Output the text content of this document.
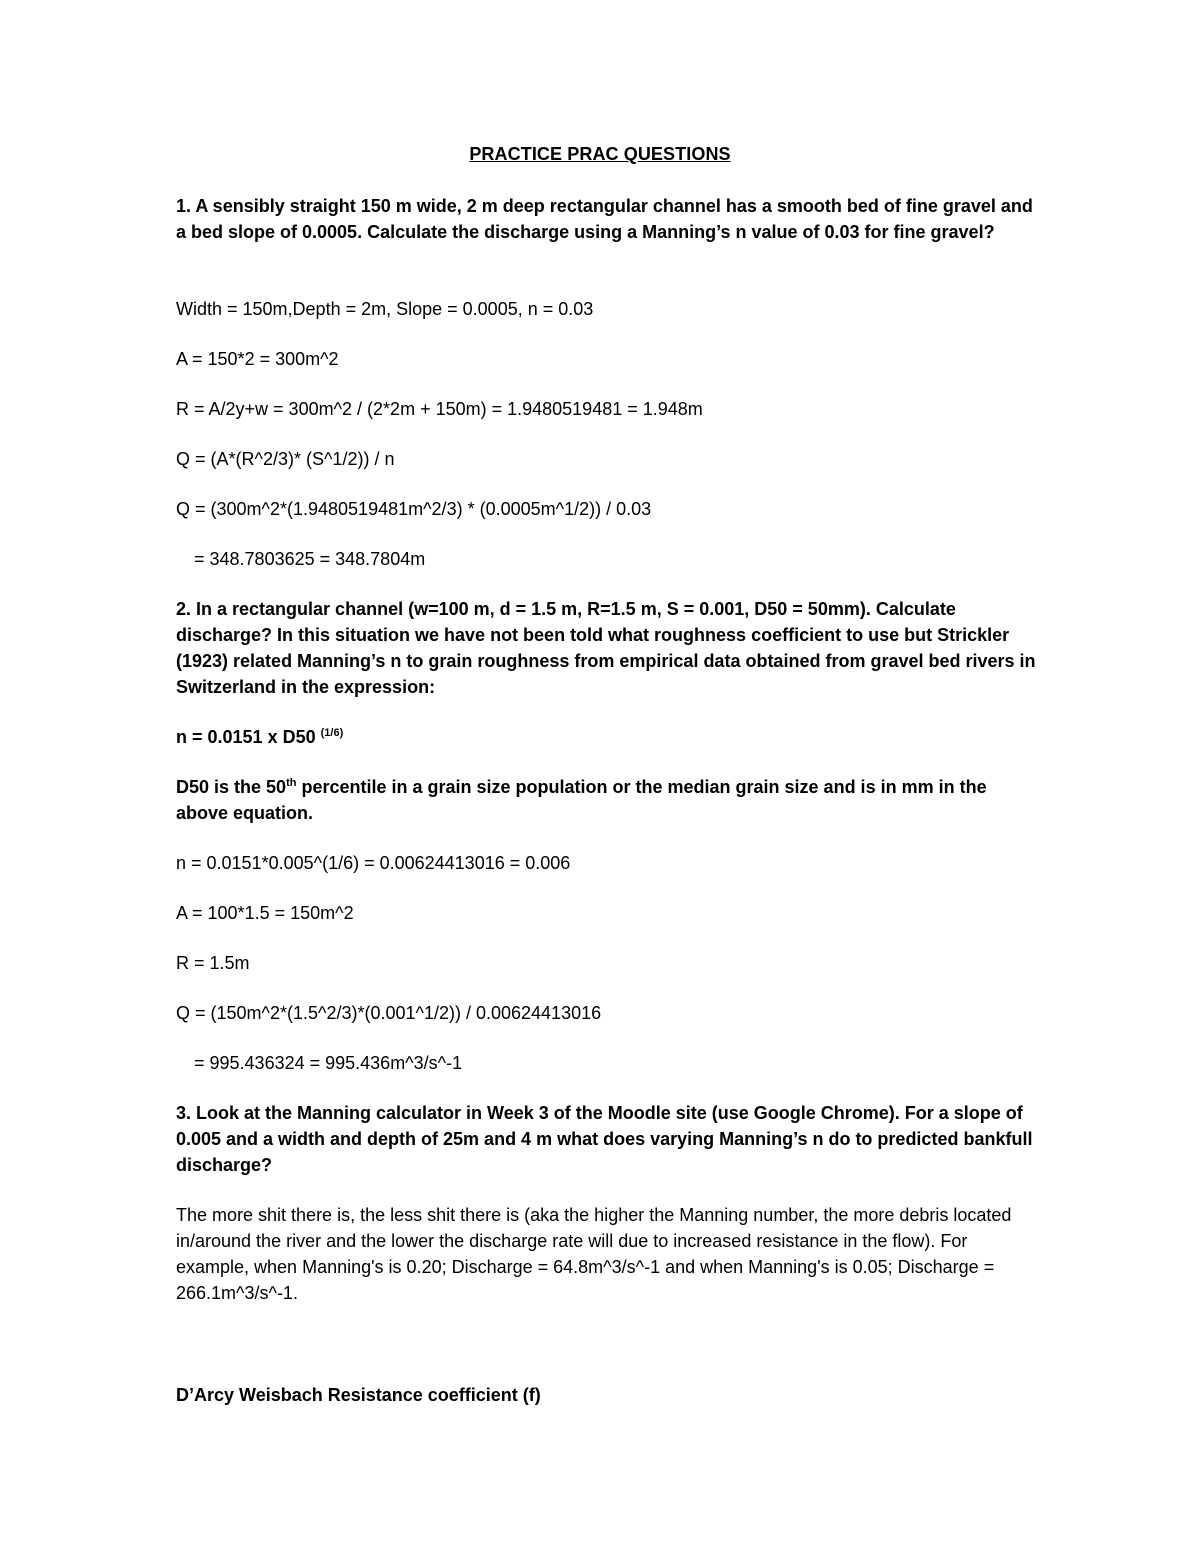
PRACTICE PRAC QUESTIONS
1. A sensibly straight 150 m wide, 2 m deep rectangular channel has a smooth bed of fine gravel and a bed slope of 0.0005. Calculate the discharge using a Manning’s n value of 0.03 for fine gravel?
Width = 150m,Depth = 2m, Slope = 0.0005, n = 0.03
A = 150*2 = 300m^2
R = A/2y+w = 300m^2 / (2*2m + 150m) = 1.9480519481 = 1.948m
Q = (A*(R^2/3)* (S^1/2)) / n
Q = (300m^2*(1.9480519481m^2/3) * (0.0005m^1/2)) / 0.03
= 348.7803625 = 348.7804m
2. In a rectangular channel (w=100 m, d = 1.5 m, R=1.5 m, S = 0.001, D50 = 50mm). Calculate discharge? In this situation we have not been told what roughness coefficient to use but Strickler (1923) related Manning’s n to grain roughness from empirical data obtained from gravel bed rivers in Switzerland in the expression:
n = 0.0151 x D50 $^{(1/6)}$
D50 is the 50th percentile in a grain size population or the median grain size and is in mm in the above equation.
n = 0.0151*0.005^(1/6) = 0.00624413016 = 0.006
A = 100*1.5 = 150m^2
R = 1.5m
Q = (150m^2*(1.5^2/3)*(0.001^1/2)) / 0.00624413016
= 995.436324 = 995.436m^3/s^-1
3. Look at the Manning calculator in Week 3 of the Moodle site (use Google Chrome). For a slope of 0.005 and a width and depth of 25m and 4 m what does varying Manning’s n do to predicted bankfull discharge?
The more shit there is, the less shit there is (aka the higher the Manning number, the more debris located in/around the river and the lower the discharge rate will due to increased resistance in the flow). For example, when Manning's is 0.20; Discharge = 64.8m^3/s^-1 and when Manning's is 0.05; Discharge = 266.1m^3/s^-1.
D’Arcy Weisbach Resistance coefficient (f)
